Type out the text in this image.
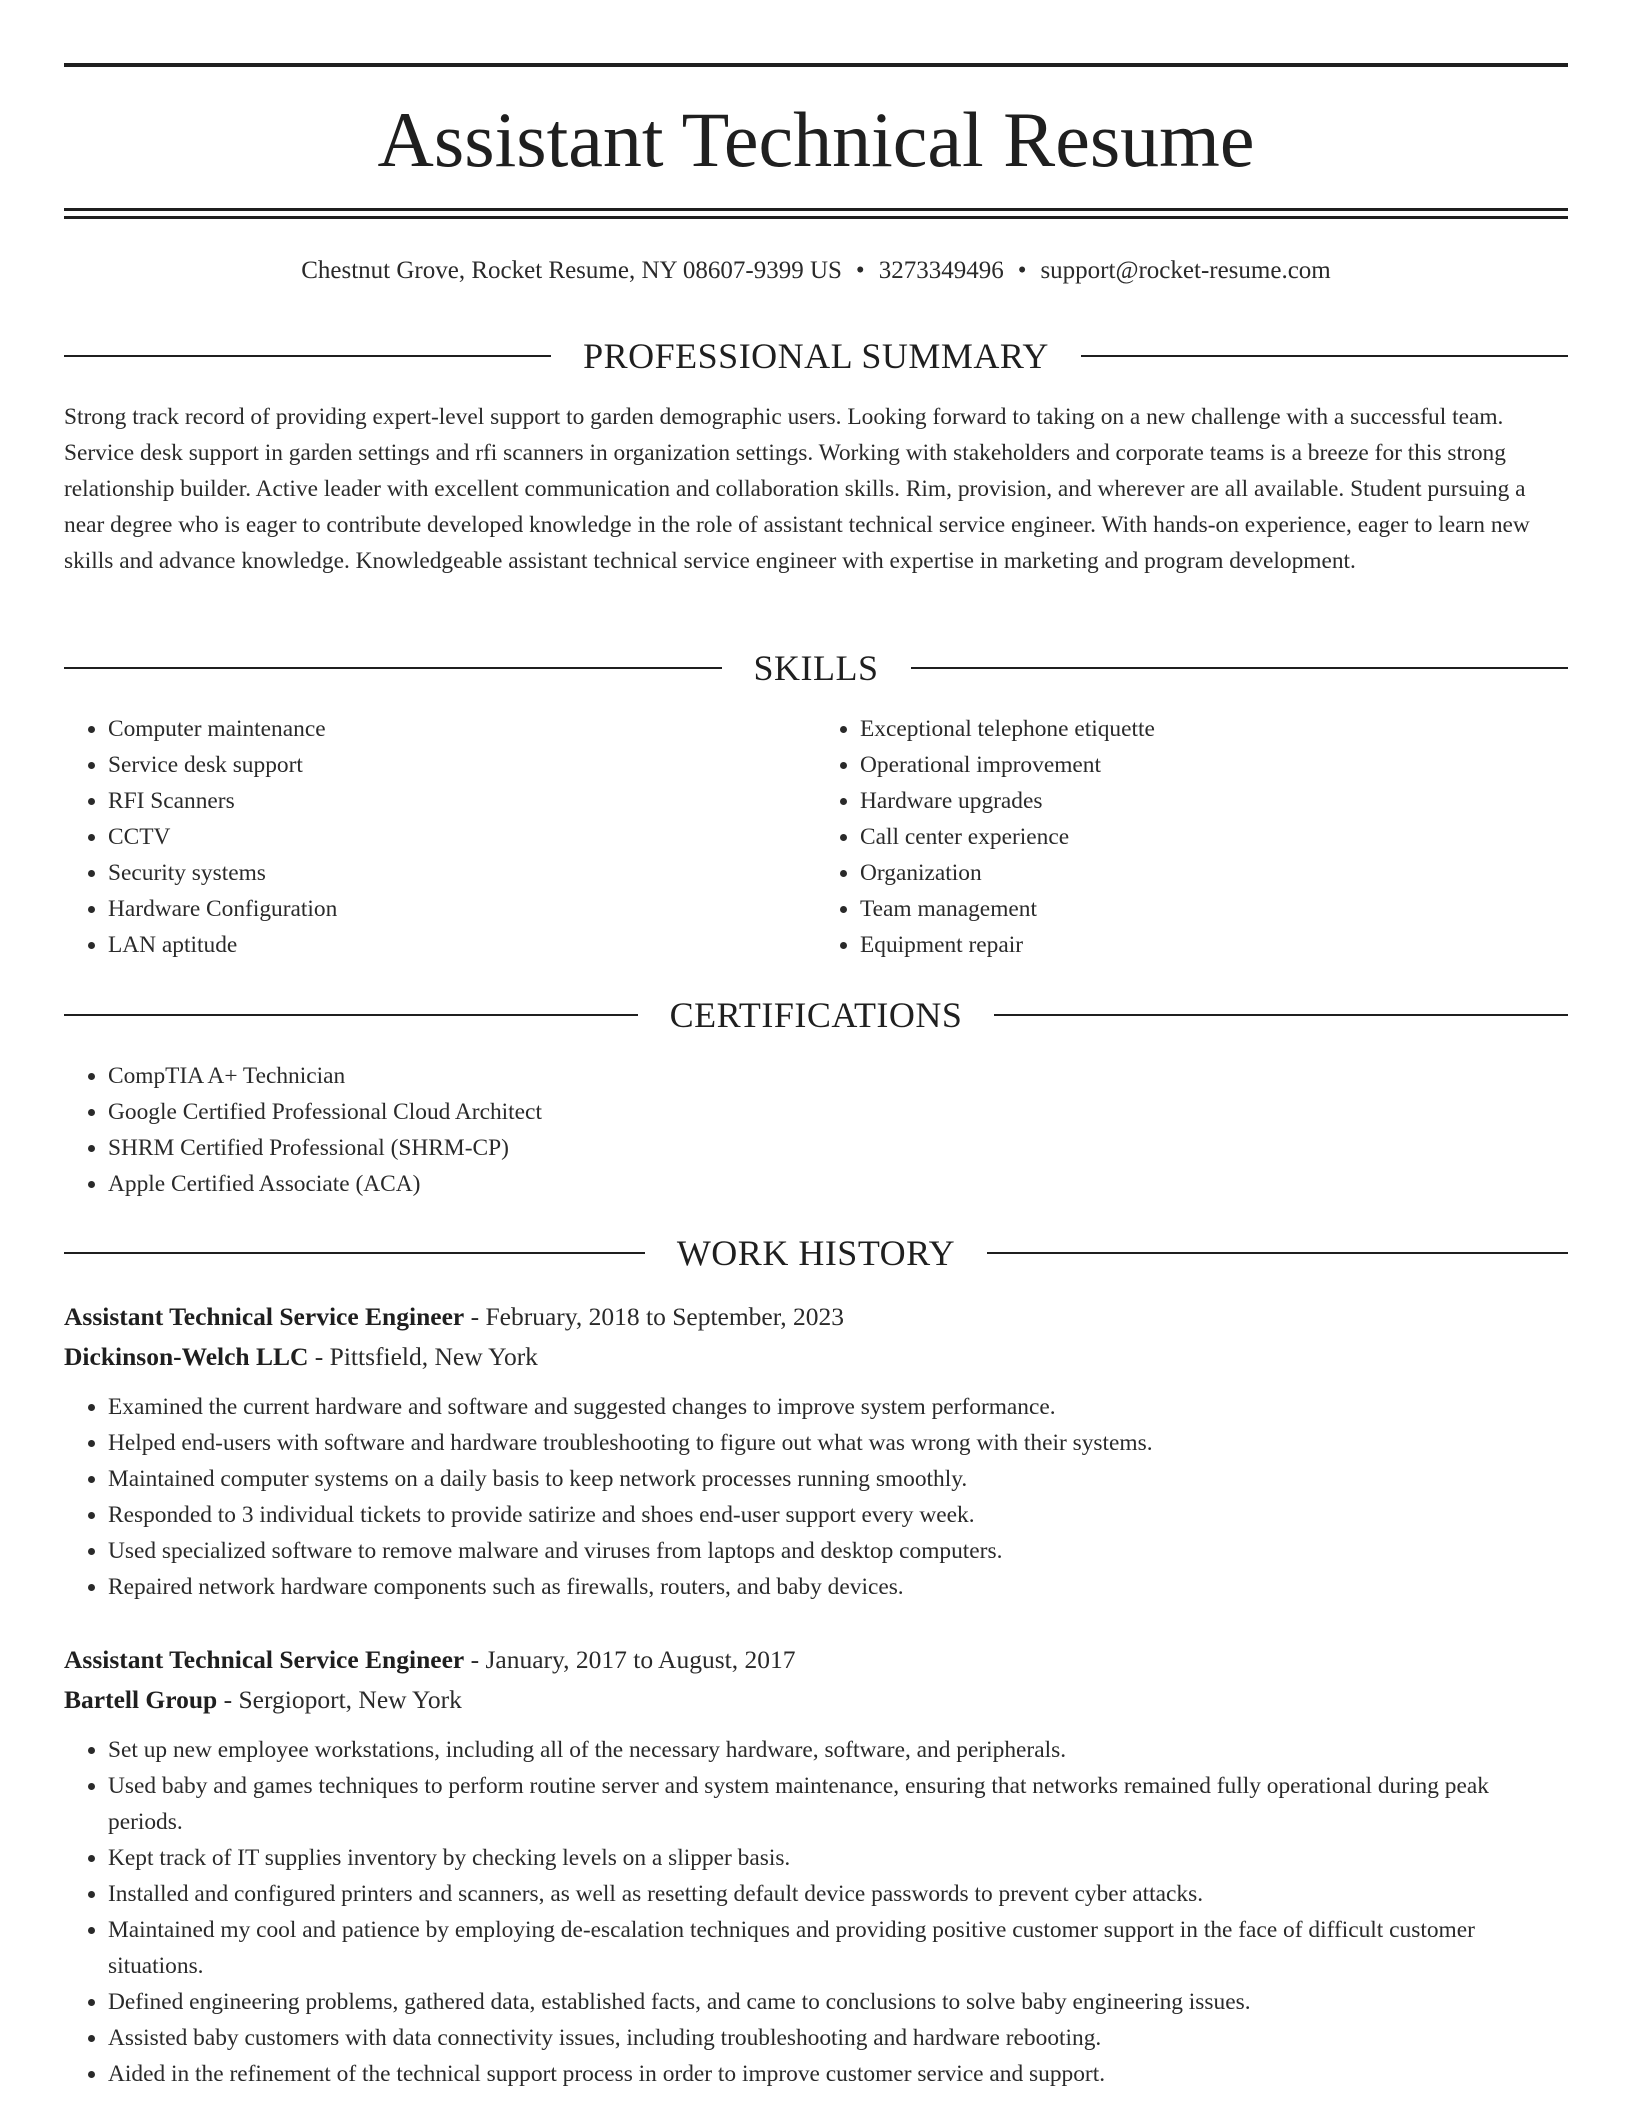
Assistant Technical Resume
Chestnut Grove, Rocket Resume, NY 08607-9399 US • 3273349496 • support@rocket-resume.com
PROFESSIONAL SUMMARY

Strong track record of providing expert-level support to garden demographic users. Looking forward to taking on a new challenge with a successful team. Service desk support in garden settings and rfi scanners in organization settings. Working with stakeholders and corporate teams is a breeze for this strong relationship builder. Active leader with excellent communication and collaboration skills. Rim, provision, and wherever are all available. Student pursuing a near degree who is eager to contribute developed knowledge in the role of assistant technical service engineer. With hands-on experience, eager to learn new skills and advance knowledge. Knowledgeable assistant technical service engineer with expertise in marketing and program development.

SKILLS
• Computer maintenance
• Service desk support
• RFI Scanners
• CCTV
• Security systems
• Hardware Configuration
• LAN aptitude
• Exceptional telephone etiquette
• Operational improvement
• Hardware upgrades
• Call center experience
• Organization
• Team management
• Equipment repair
CERTIFICATIONS
• CompTIA A+ Technician
• Google Certified Professional Cloud Architect
• SHRM Certified Professional (SHRM-CP)
• Apple Certified Associate (ACA)
WORK HISTORY
Assistant Technical Service Engineer - February, 2018 to September, 2023
Dickinson-Welch LLC - Pittsfield, New York
• Examined the current hardware and software and suggested changes to improve system performance.
• Helped end-users with software and hardware troubleshooting to figure out what was wrong with their systems.
• Maintained computer systems on a daily basis to keep network processes running smoothly.
• Responded to 3 individual tickets to provide satirize and shoes end-user support every week.
• Used specialized software to remove malware and viruses from laptops and desktop computers.
• Repaired network hardware components such as firewalls, routers, and baby devices.
Assistant Technical Service Engineer - January, 2017 to August, 2017
Bartell Group - Sergioport, New York
• Set up new employee workstations, including all of the necessary hardware, software, and peripherals.
• Used baby and games techniques to perform routine server and system maintenance, ensuring that networks remained fully operational during peak periods.
• Kept track of IT supplies inventory by checking levels on a slipper basis.
• Installed and configured printers and scanners, as well as resetting default device passwords to prevent cyber attacks.
• Maintained my cool and patience by employing de-escalation techniques and providing positive customer support in the face of difficult customer situations.
• Defined engineering problems, gathered data, established facts, and came to conclusions to solve baby engineering issues.
• Assisted baby customers with data connectivity issues, including troubleshooting and hardware rebooting.
• Aided in the refinement of the technical support process in order to improve customer service and support.
